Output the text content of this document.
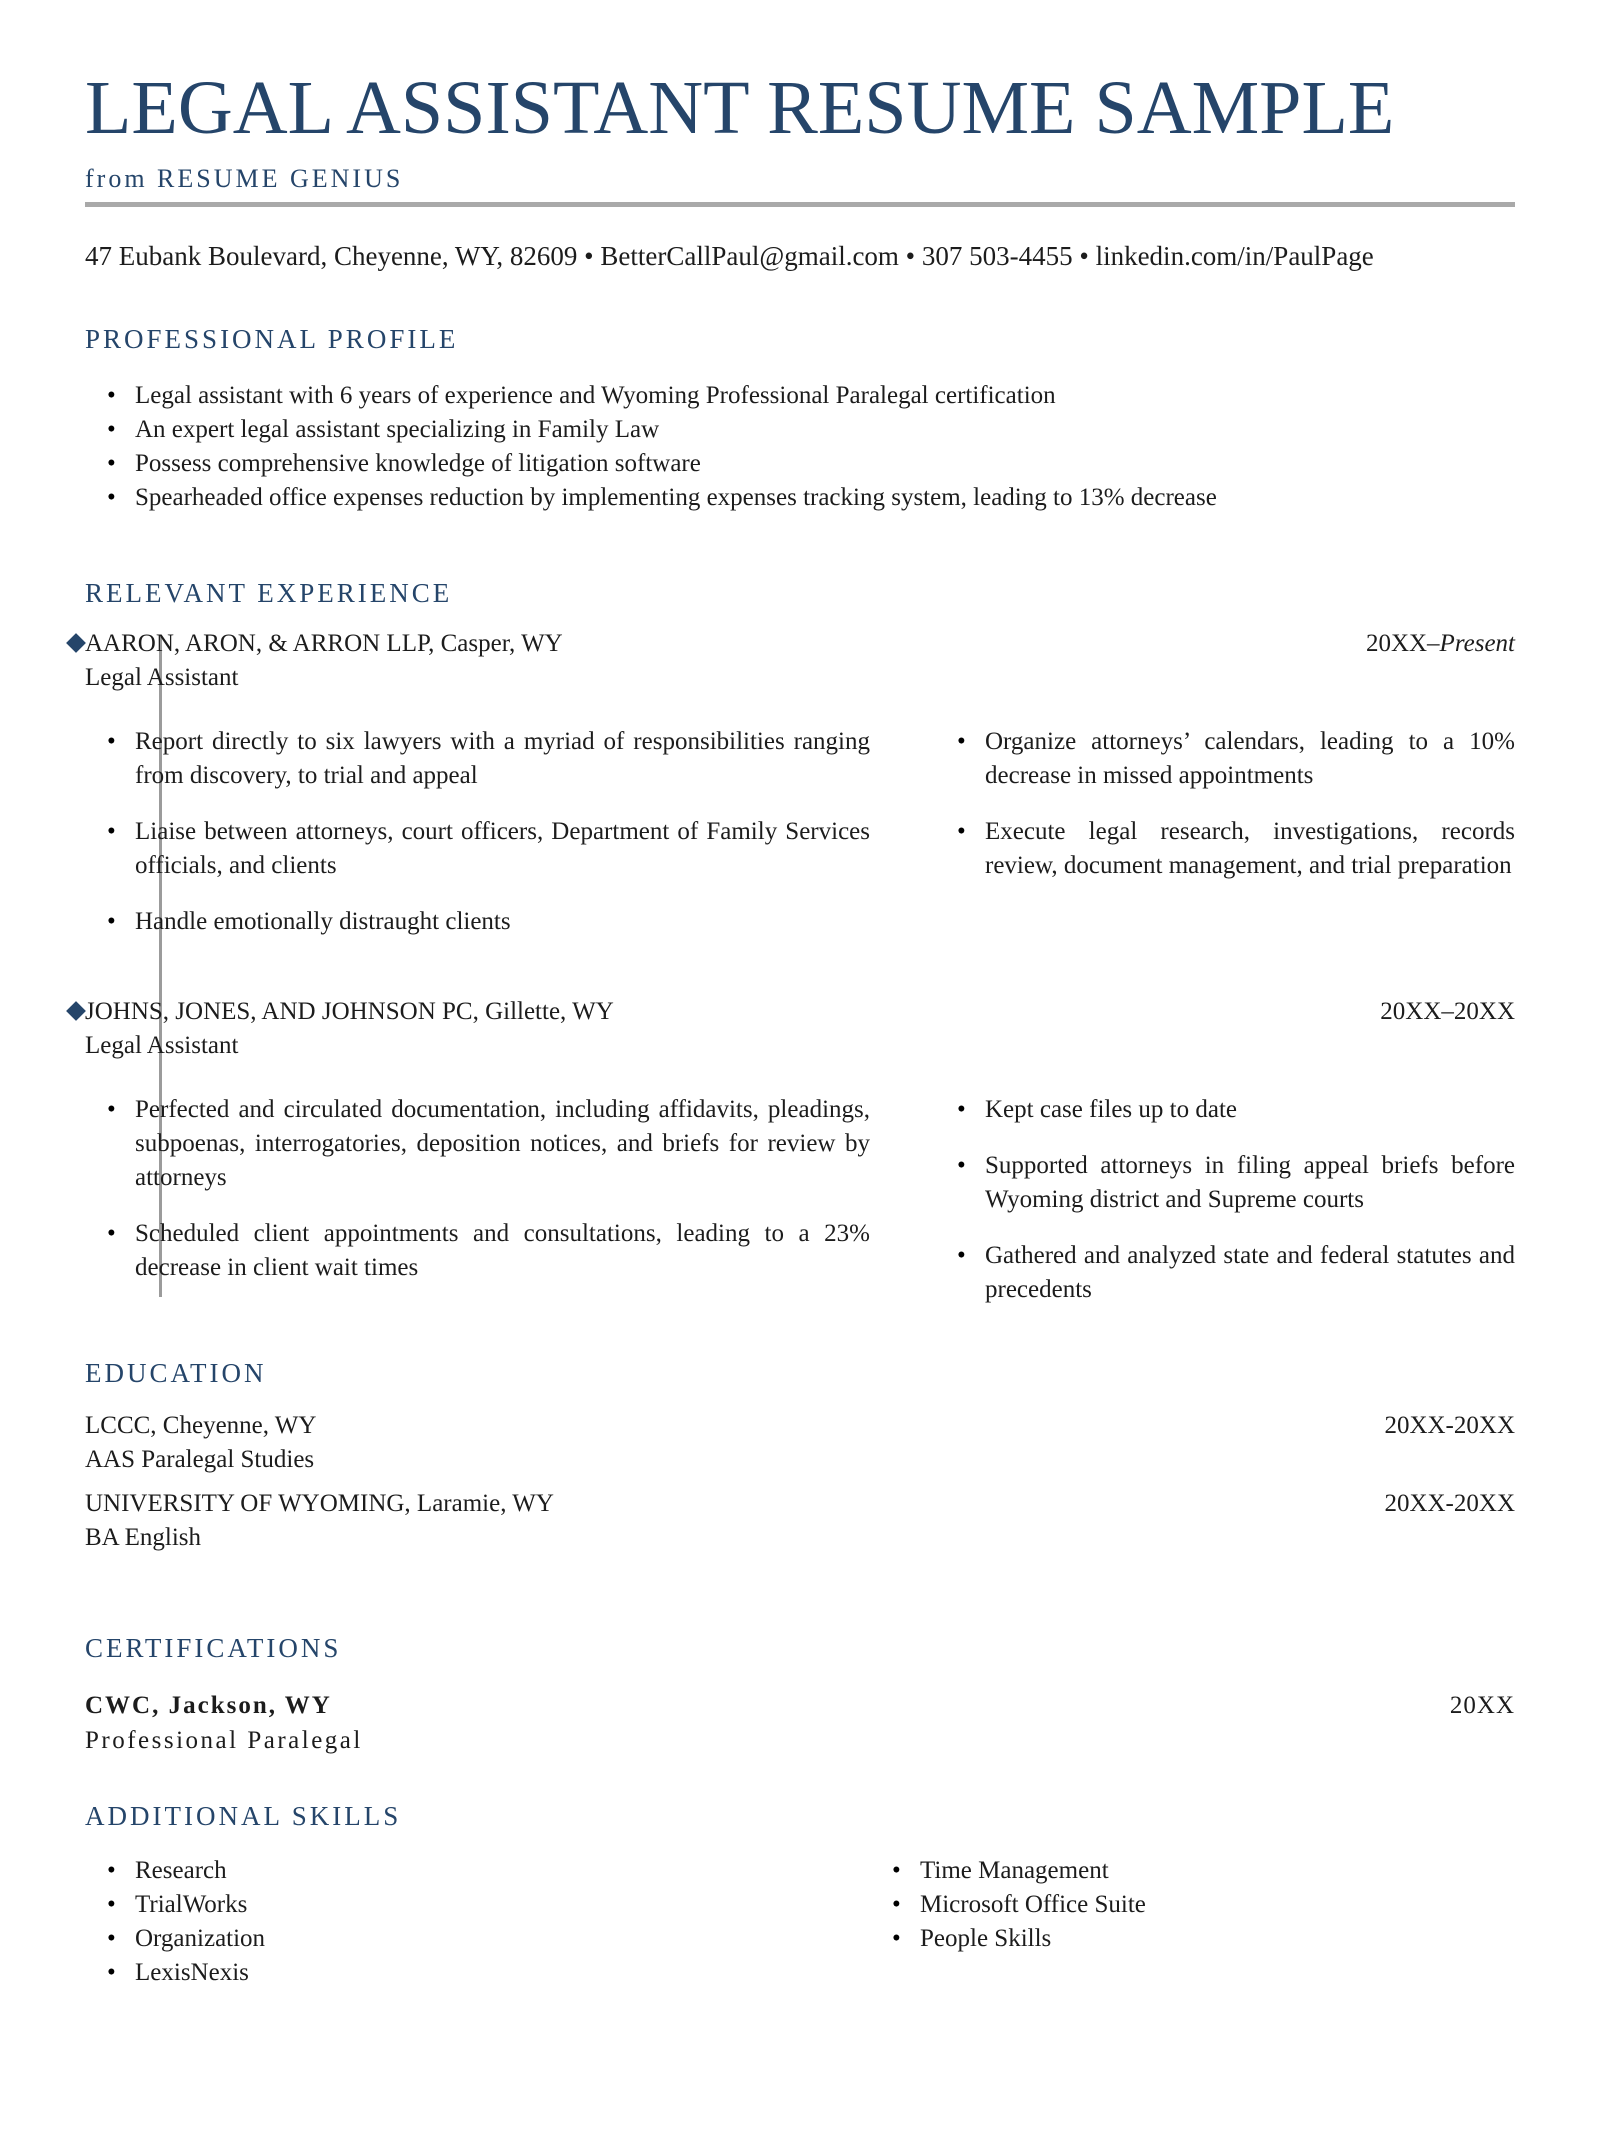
LEGAL ASSISTANT RESUME SAMPLE
from RESUME GENIUS
47 Eubank Boulevard, Cheyenne, WY, 82609 • BetterCallPaul@gmail.com • 307 503-4455 • linkedin.com/in/PaulPage
PROFESSIONAL PROFILE
• Legal assistant with 6 years of experience and Wyoming Professional Paralegal certification
• An expert legal assistant specializing in Family Law
• Possess comprehensive knowledge of litigation software
• Spearheaded office expenses reduction by implementing expenses tracking system, leading to 13% decrease
RELEVANT EXPERIENCE
AARON, ARON, & ARRON LLP, Casper, WY	20XX–Present
Legal Assistant
• Report directly to six lawyers with a myriad of responsibilities ranging from discovery, to trial and appeal
• Liaise between attorneys, court officers, Department of Family Services officials, and clients
• Handle emotionally distraught clients
• Organize attorneys’ calendars, leading to a 10% decrease in missed appointments
• Execute legal research, investigations, records review, document management, and trial preparation
JOHNS, JONES, AND JOHNSON PC, Gillette, WY	20XX–20XX
Legal Assistant
• Perfected and circulated documentation, including affidavits, pleadings, subpoenas, interrogatories, deposition notices, and briefs for review by attorneys
• Scheduled client appointments and consultations, leading to a 23% decrease in client wait times
• Kept case files up to date
• Supported attorneys in filing appeal briefs before Wyoming district and Supreme courts
• Gathered and analyzed state and federal statutes and precedents
EDUCATION
LCCC, Cheyenne, WY
AAS Paralegal Studies
20XX-20XX
UNIVERSITY OF WYOMING, Laramie, WY
BA English
20XX-20XX
CERTIFICATIONS
CWC, Jackson, WY
Professional Paralegal
20XX
ADDITIONAL SKILLS
• Research
• TrialWorks
• Organization
• LexisNexis
• Time Management
• Microsoft Office Suite
• People Skills
